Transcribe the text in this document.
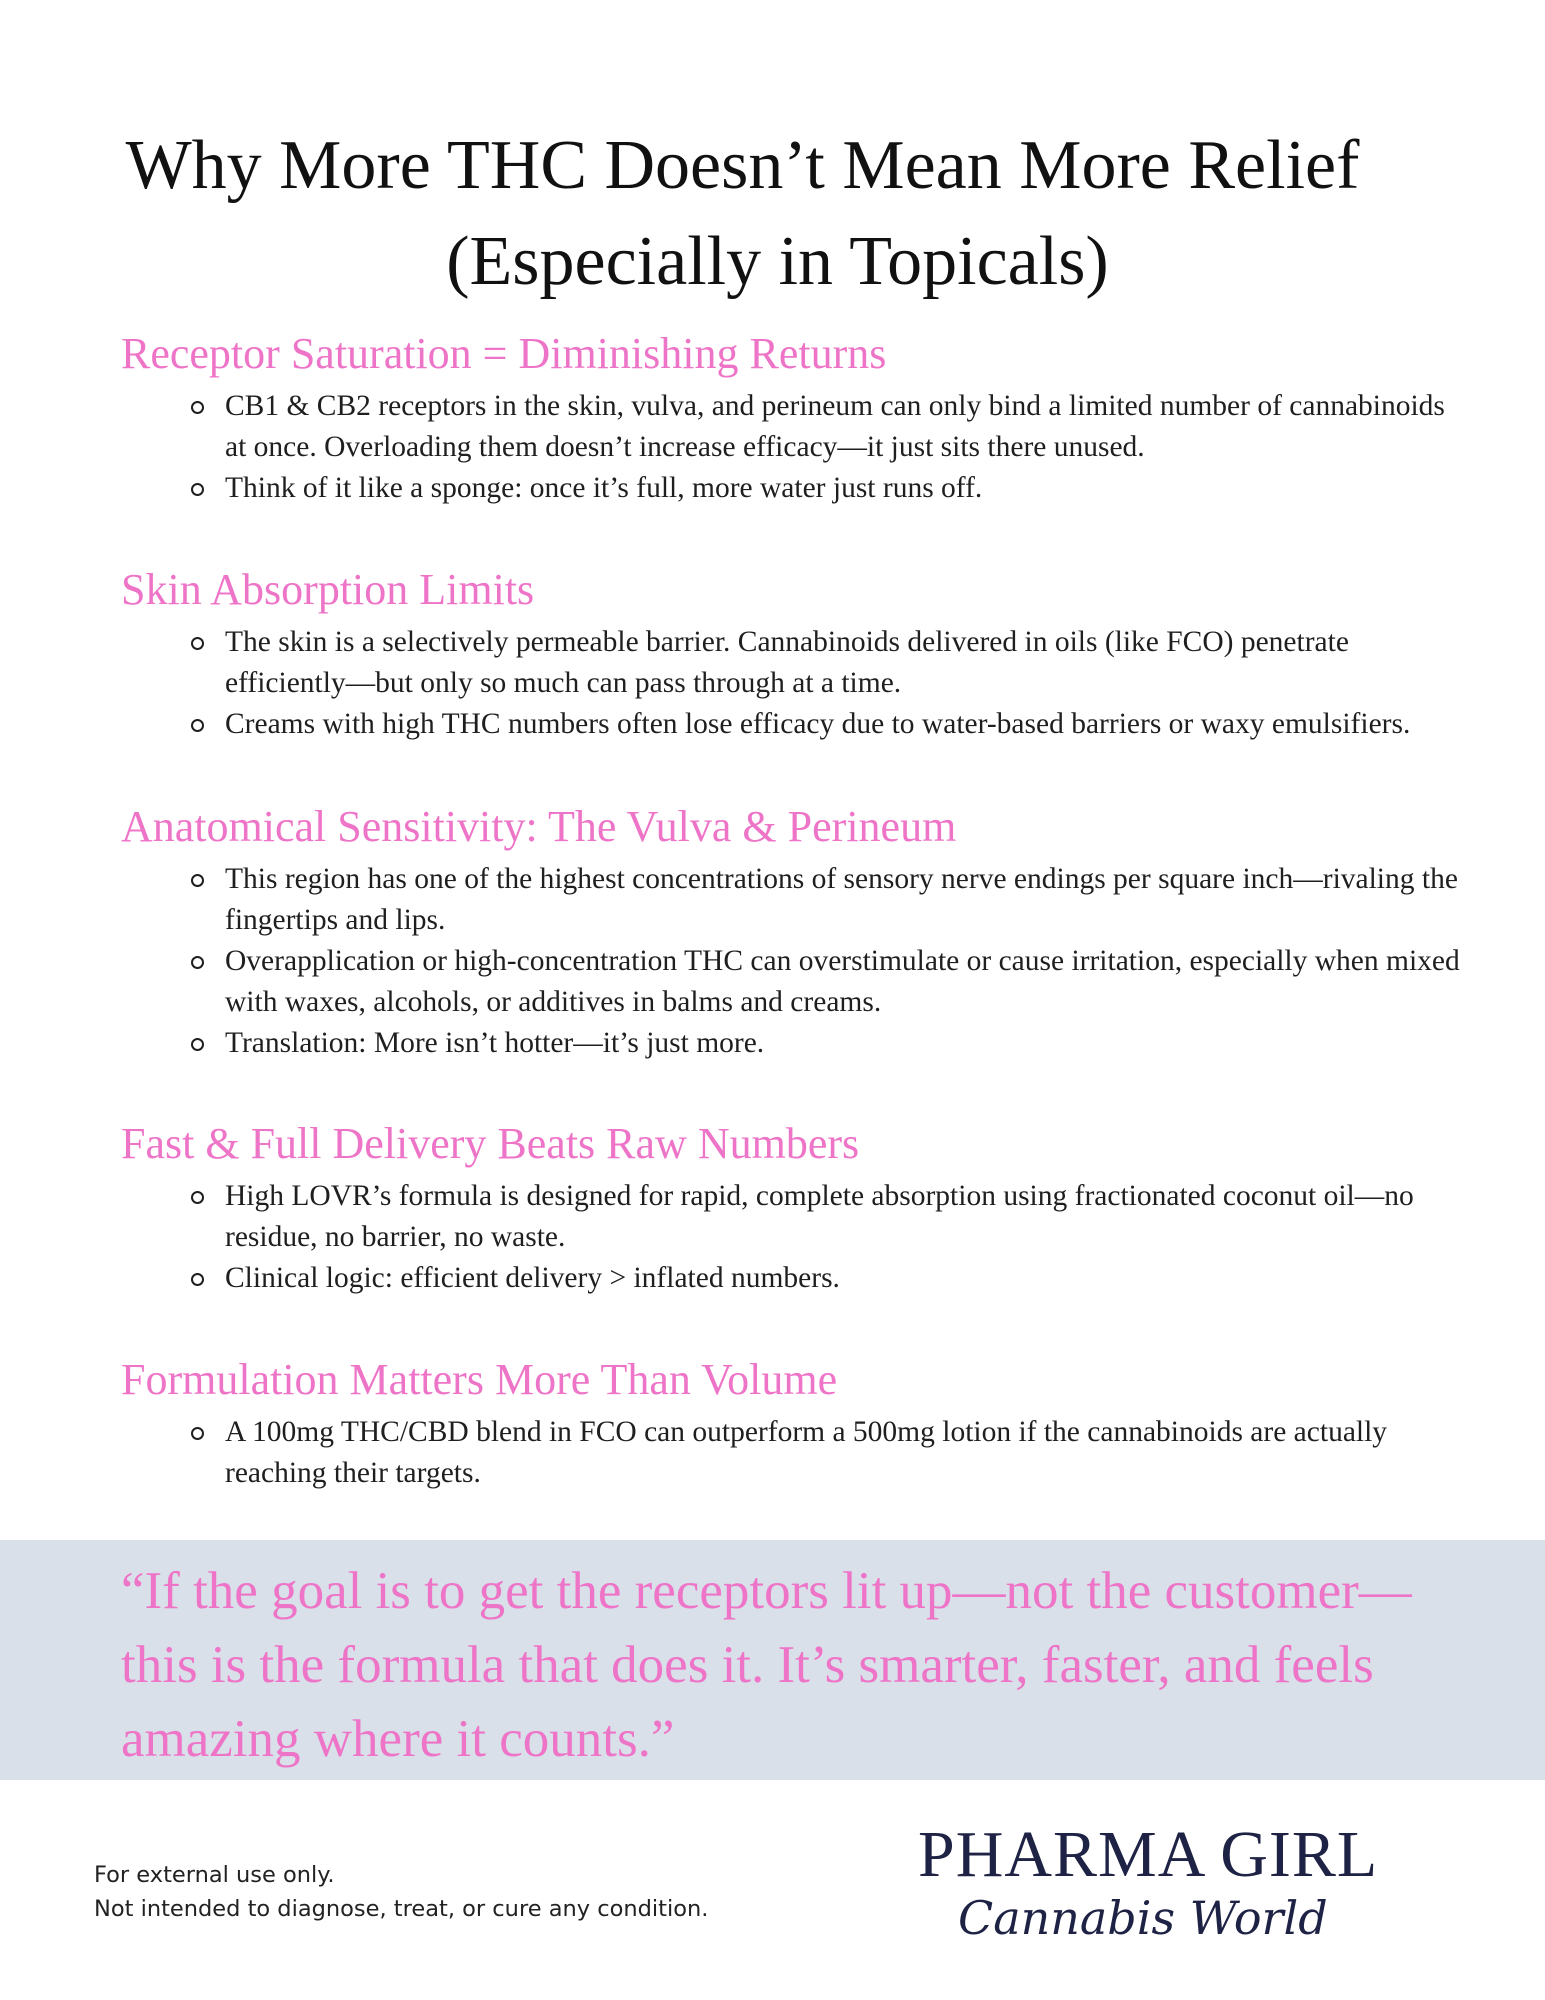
Why More THC Doesn’t Mean More Relief
(Especially in Topicals)
Receptor Saturation = Diminishing Returns
CB1 & CB2 receptors in the skin, vulva, and perineum can only bind a limited number of cannabinoids at once. Overloading them doesn’t increase efficacy—it just sits there unused.
Think of it like a sponge: once it’s full, more water just runs off.
Skin Absorption Limits
The skin is a selectively permeable barrier. Cannabinoids delivered in oils (like FCO) penetrate efficiently—but only so much can pass through at a time.
Creams with high THC numbers often lose efficacy due to water-based barriers or waxy emulsifiers.
Anatomical Sensitivity: The Vulva & Perineum
This region has one of the highest concentrations of sensory nerve endings per square inch—rivaling the fingertips and lips.
Overapplication or high-concentration THC can overstimulate or cause irritation, especially when mixed with waxes, alcohols, or additives in balms and creams.
Translation: More isn’t hotter—it’s just more.
Fast & Full Delivery Beats Raw Numbers
High LOVR’s formula is designed for rapid, complete absorption using fractionated coconut oil—no residue, no barrier, no waste.
Clinical logic: efficient delivery > inflated numbers.
Formulation Matters More Than Volume
A 100mg THC/CBD blend in FCO can outperform a 500mg lotion if the cannabinoids are actually reaching their targets.

“If the goal is to get the receptors lit up—not the customer—this is the formula that does it. It’s smarter, faster, and feels amazing where it counts.”

For external use only.
Not intended to diagnose, treat, or cure any condition.
PHARMA GIRL
Cannabis World
